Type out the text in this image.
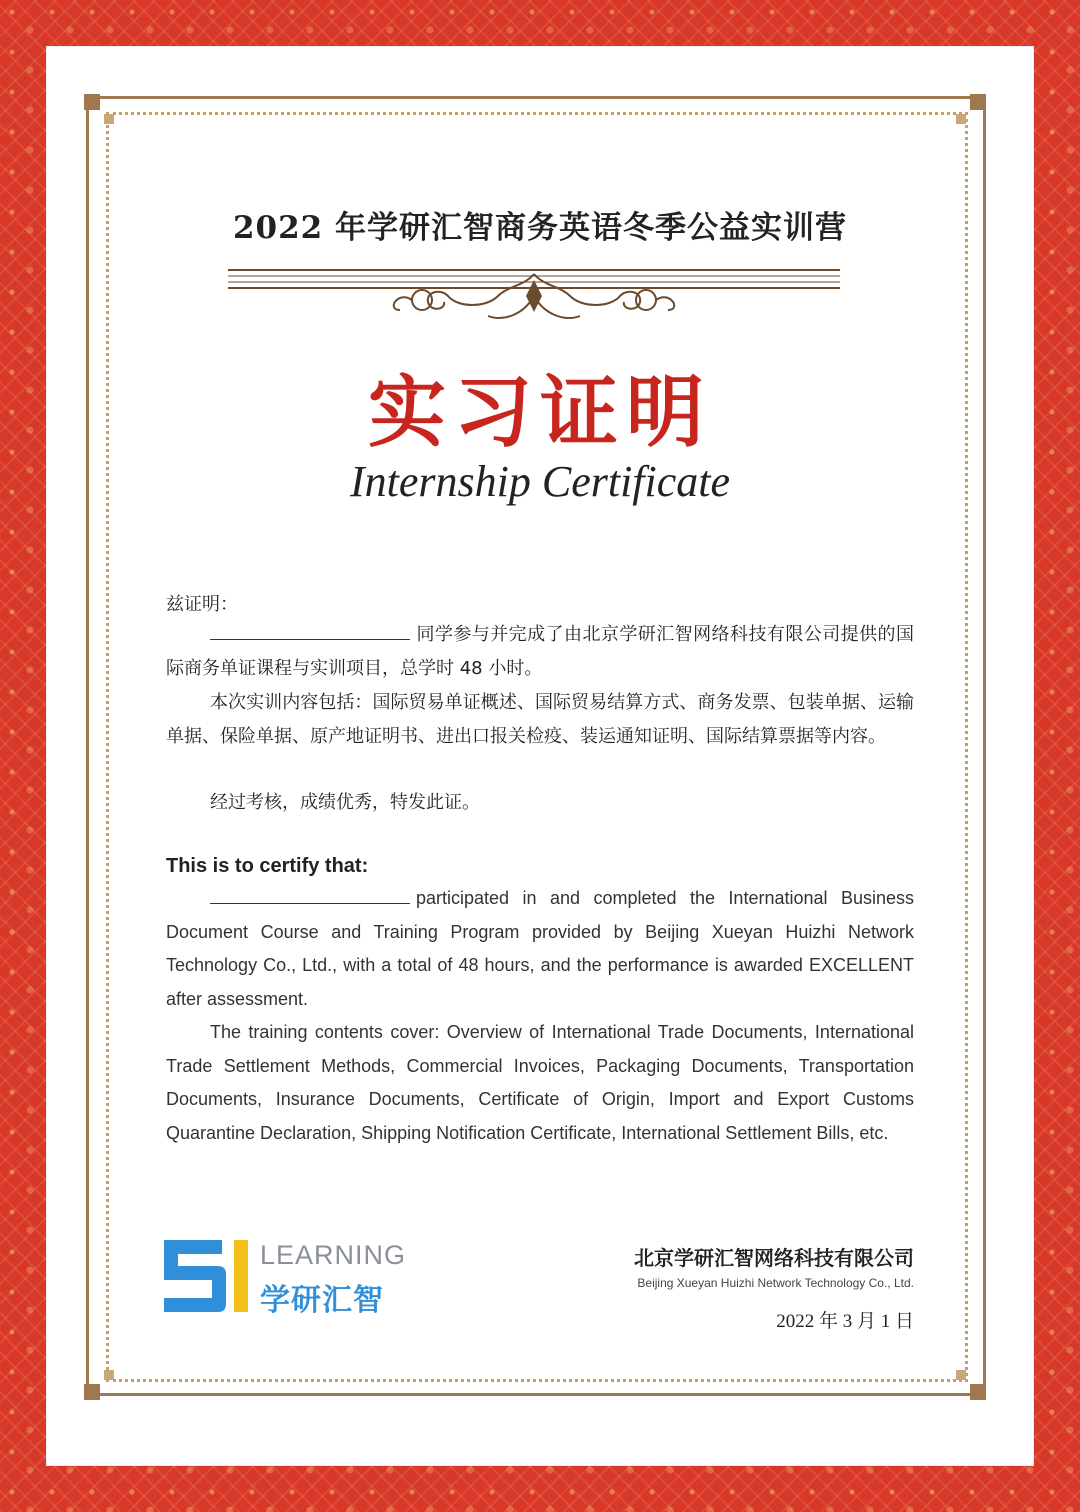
2022 年学研汇智商务英语冬季公益实训营
实习证明
Internship Certificate
兹证明：
同学参与并完成了由北京学研汇智网络科技有限公司提供的国际商务单证课程与实训项目，总学时 48 小时。
本次实训内容包括：国际贸易单证概述、国际贸易结算方式、商务发票、包装单据、运输单据、保险单据、原产地证明书、进出口报关检疫、装运通知证明、国际结算票据等内容。
经过考核，成绩优秀，特发此证。
This is to certify that:
participated in and completed the International Business Document Course and Training Program provided by Beijing Xueyan Huizhi Network Technology Co., Ltd., with a total of 48 hours, and the performance is awarded EXCELLENT after assessment.
The training contents cover: Overview of International Trade Documents, International Trade Settlement Methods, Commercial Invoices, Packaging Documents, Transportation Documents, Insurance Documents, Certificate of Origin, Import and Export Customs Quarantine Declaration, Shipping Notification Certificate, International Settlement Bills, etc.
LEARNING
学研汇智
北京学研汇智网络科技有限公司
Beijing Xueyan Huizhi Network Technology Co., Ltd.
2022 年 3 月 1 日
